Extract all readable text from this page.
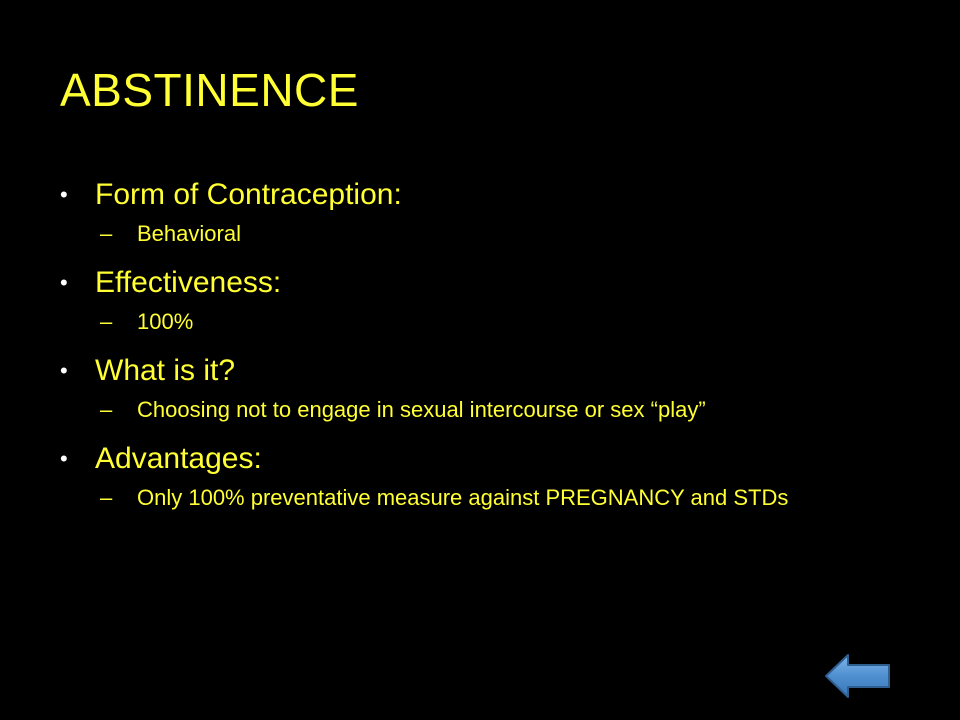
ABSTINENCE
• Form of Contraception:
– Behavioral
• Effectiveness:
– 100%
• What is it?
– Choosing not to engage in sexual intercourse or sex “play”
• Advantages:
– Only 100% preventative measure against PREGNANCY and STDs
